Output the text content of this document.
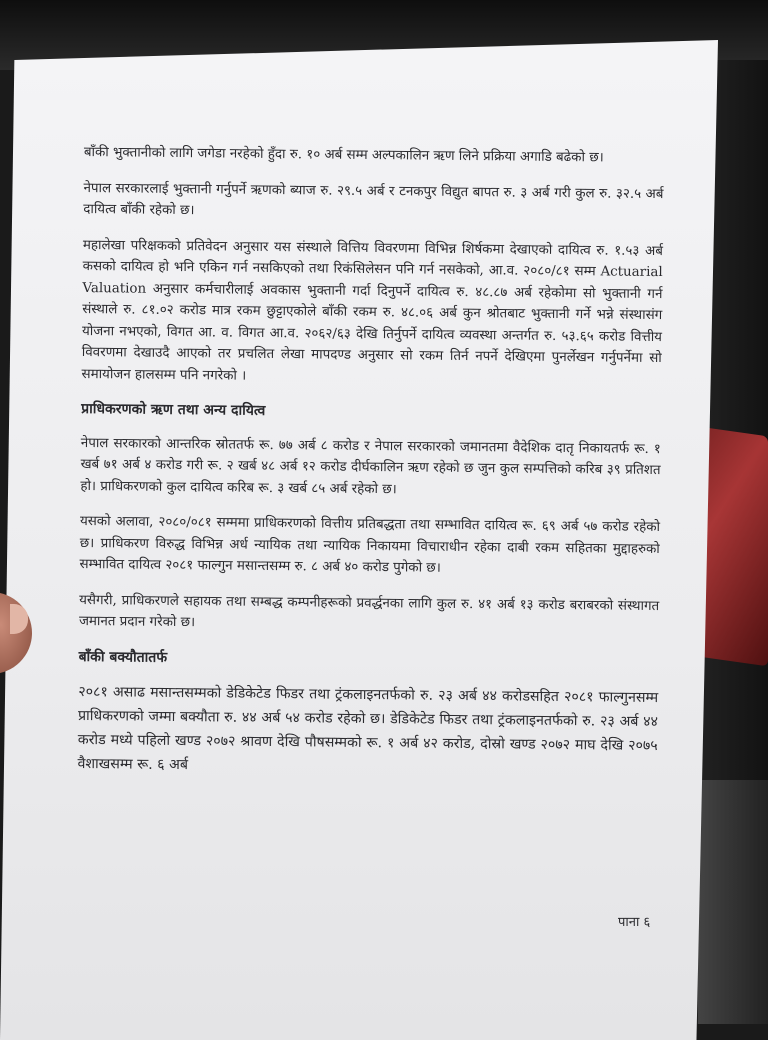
बाँकी भुक्तानीको लागि जगेडा नरहेको हुँदा रु. १० अर्ब सम्म अल्पकालिन ऋण लिने प्रक्रिया अगाडि बढेको छ।

नेपाल सरकारलाई भुक्तानी गर्नुपर्ने ऋणको ब्याज रु. २९.५ अर्ब र टनकपुर विद्युत बापत रु. ३ अर्ब गरी कुल रु. ३२.५ अर्ब दायित्व बाँकी रहेको छ।

महालेखा परिक्षकको प्रतिवेदन अनुसार यस संस्थाले वित्तिय विवरणमा विभिन्न शिर्षकमा देखाएको दायित्व रु. १.५३ अर्ब कसको दायित्व हो भनि एकिन गर्न नसकिएको तथा रिकंसिलेसन पनि गर्न नसकेको, आ.व. २०८०/८१ सम्म Actuarial Valuation अनुसार कर्मचारीलाई अवकास भुक्तानी गर्दा दिनुपर्ने दायित्व रु. ४८.८७ अर्ब रहेकोमा सो भुक्तानी गर्न संस्थाले रु. ८१.०२ करोड मात्र रकम छुट्टाएकोले बाँकी रकम रु. ४८.०६ अर्ब कुन श्रोतबाट भुक्तानी गर्ने भन्ने संस्थासंग योजना नभएको, विगत आ. व. विगत आ.व. २०६२/६३ देखि तिर्नुपर्ने दायित्व व्यवस्था अन्तर्गत रु. ५३.६५ करोड वित्तीय विवरणमा देखाउदै आएको तर प्रचलित लेखा मापदण्ड अनुसार सो रकम तिर्न नपर्ने देखिएमा पुनर्लेखन गर्नुपर्नेमा सो समायोजन हालसम्म पनि नगरेको ।

प्राधिकरणको ऋण तथा अन्य दायित्व

नेपाल सरकारको आन्तरिक स्रोततर्फ रू. ७७ अर्ब ८ करोड र नेपाल सरकारको जमानतमा वैदेशिक दातृ निकायतर्फ रू. १ खर्ब ७१ अर्ब ४ करोड गरी रू. २ खर्ब ४८ अर्ब १२ करोड दीर्घकालिन ऋण रहेको छ जुन कुल सम्पत्तिको करिब ३९ प्रतिशत हो। प्राधिकरणको कुल दायित्व करिब रू. ३ खर्ब ८५ अर्ब रहेको छ।

यसको अलावा, २०८०/०८१ सम्ममा प्राधिकरणको वित्तीय प्रतिबद्धता तथा सम्भावित दायित्व रू. ६९ अर्ब ५७ करोड रहेको छ। प्राधिकरण विरुद्ध विभिन्न अर्ध न्यायिक तथा न्यायिक निकायमा विचाराधीन रहेका दाबी रकम सहितका मुद्दाहरुको सम्भावित दायित्व २०८१ फाल्गुन मसान्तसम्म रु. ८ अर्ब ४० करोड पुगेको छ।

यसैगरी, प्राधिकरणले सहायक तथा सम्बद्ध कम्पनीहरूको प्रवर्द्धनका लागि कुल रु. ४१ अर्ब १३ करोड बराबरको संस्थागत जमानत प्रदान गरेको छ।

बाँकी बक्यौतातर्फ

२०८१ असाढ मसान्तसम्मको डेडिकेटेड फिडर तथा ट्रंकलाइनतर्फको रु. २३ अर्ब ४४ करोडसहित २०८१ फाल्गुनसम्म प्राधिकरणको जम्मा बक्यौता रु. ४४ अर्ब ५४ करोड रहेको छ। डेडिकेटेड फिडर तथा ट्रंकलाइनतर्फको रु. २३ अर्ब ४४ करोड मध्ये पहिलो खण्ड २०७२ श्रावण देखि पौषसम्मको रू. १ अर्ब ४२ करोड, दोस्रो खण्ड २०७२ माघ देखि २०७५ वैशाखसम्म रू. ६ अर्ब

पाना ६
